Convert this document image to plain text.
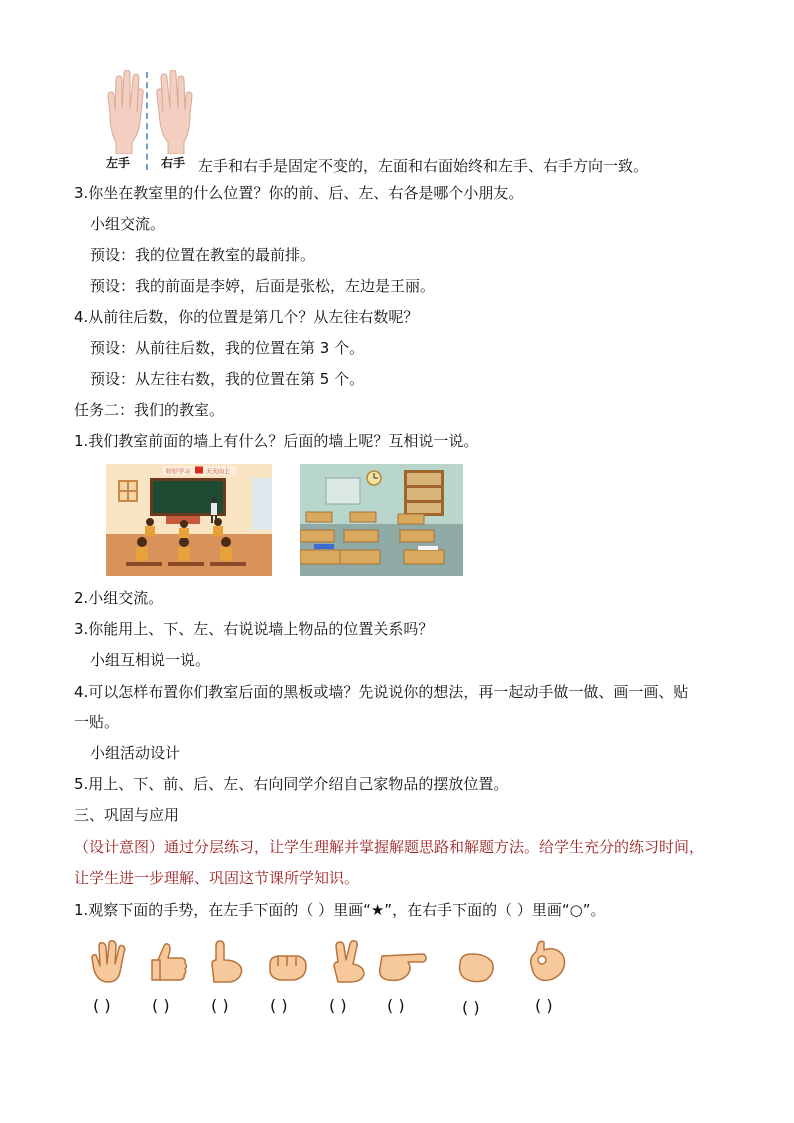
左手	右手 左手和右手是固定不变的，左面和右面始终和左手、右手方向一致。
3.你坐在教室里的什么位置？你的前、后、左、右各是哪个小朋友。
小组交流。
预设：我的位置在教室的最前排。
预设：我的前面是李婷，后面是张松，左边是王丽。
4.从前往后数，你的位置是第几个？从左往右数呢？
预设：从前往后数，我的位置在第 3 个。
预设：从左往右数，我的位置在第 5 个。
任务二：我们的教室。
1.我们教室前面的墙上有什么？后面的墙上呢？互相说一说。
好好学习	天天向上
2.小组交流。
3.你能用上、下、左、右说说墙上物品的位置关系吗？
小组互相说一说。
4.可以怎样布置你们教室后面的黑板或墙？先说说你的想法，再一起动手做一做、画一画、贴
一贴。
小组活动设计
5.用上、下、前、后、左、右向同学介绍自己家物品的摆放位置。
三、巩固与应用
（设计意图）通过分层练习，让学生理解并掌握解题思路和解题方法。给学生充分的练习时间，
让学生进一步理解、巩固这节课所学知识。
1.观察下面的手势，在左手下面的（ ）里画“★”，在右手下面的（ ）里画“○”。
( )	( )	( )	( )	( )	( )	( )	( )
